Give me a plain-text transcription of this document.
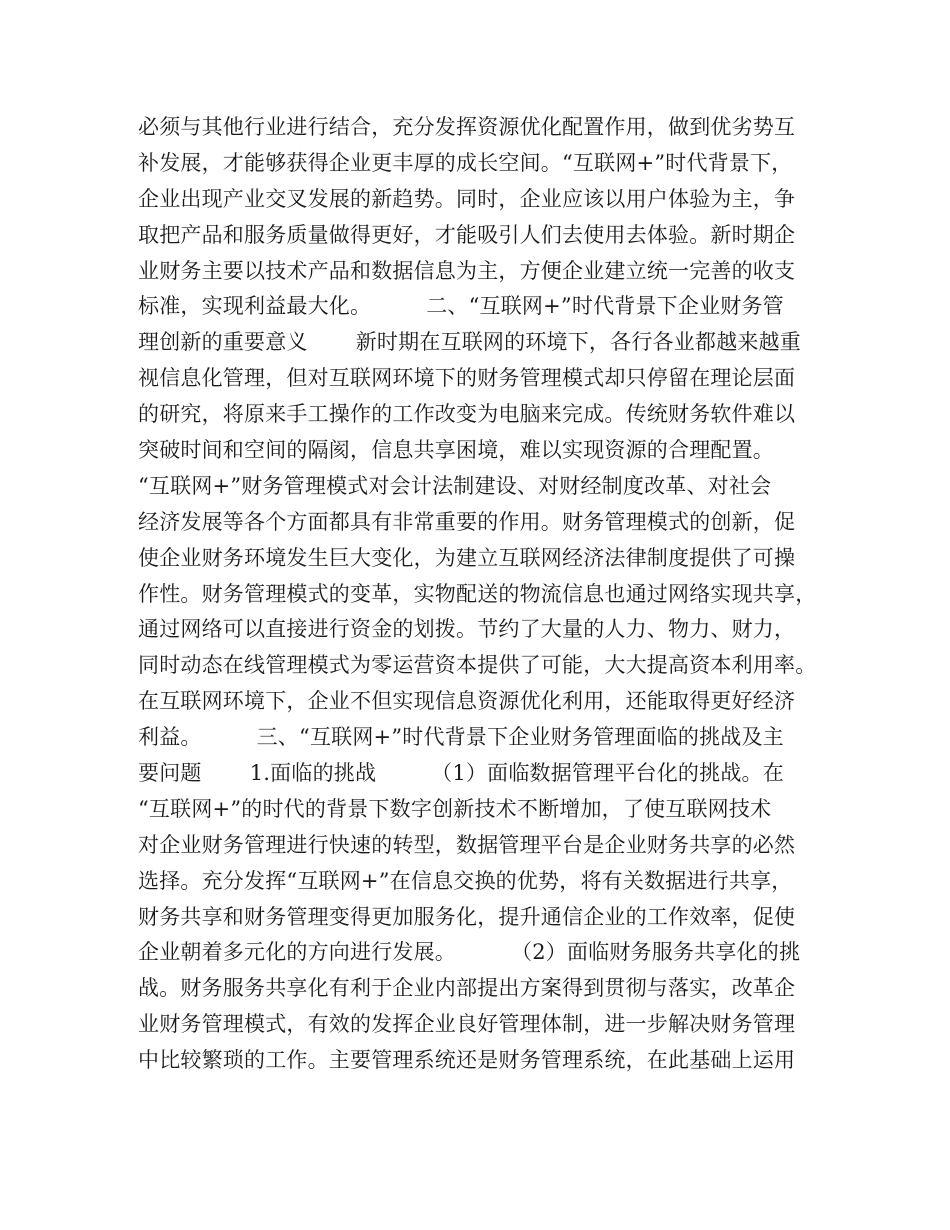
必须与其他行业进行结合，充分发挥资源优化配置作用，做到优劣势互
补发展，才能够获得企业更丰厚的成长空间。“互联网+”时代背景下，
企业出现产业交叉发展的新趋势。同时，企业应该以用户体验为主，争
取把产品和服务质量做得更好，才能吸引人们去使用去体验。新时期企
业财务主要以技术产品和数据信息为主，方便企业建立统一完善的收支
标准，实现利益最大化。        二、“互联网+”时代背景下企业财务管
理创新的重要意义       新时期在互联网的环境下，各行各业都越来越重
视信息化管理，但对互联网环境下的财务管理模式却只停留在理论层面
的研究，将原来手工操作的工作改变为电脑来完成。传统财务软件难以
突破时间和空间的隔阂，信息共享困境，难以实现资源的合理配置。
“互联网+”财务管理模式对会计法制建设、对财经制度改革、对社会
经济发展等各个方面都具有非常重要的作用。财务管理模式的创新，促
使企业财务环境发生巨大变化，为建立互联网经济法律制度提供了可操
作性。财务管理模式的变革，实物配送的物流信息也通过网络实现共享，
通过网络可以直接进行资金的划拨。节约了大量的人力、物力、财力，
同时动态在线管理模式为零运营资本提供了可能，大大提高资本利用率。
在互联网环境下，企业不但实现信息资源优化利用，还能取得更好经济
利益。        三、“互联网+”时代背景下企业财务管理面临的挑战及主
要问题       1.面临的挑战        （1）面临数据管理平台化的挑战。在
“互联网+”的时代的背景下数字创新技术不断增加，了使互联网技术
对企业财务管理进行快速的转型，数据管理平台是企业财务共享的必然
选择。充分发挥“互联网+”在信息交换的优势，将有关数据进行共享，
财务共享和财务管理变得更加服务化，提升通信企业的工作效率，促使
企业朝着多元化的方向进行发展。        （2）面临财务服务共享化的挑
战。财务服务共享化有利于企业内部提出方案得到贯彻与落实，改革企
业财务管理模式，有效的发挥企业良好管理体制，进一步解决财务管理
中比较繁琐的工作。主要管理系统还是财务管理系统，在此基础上运用
